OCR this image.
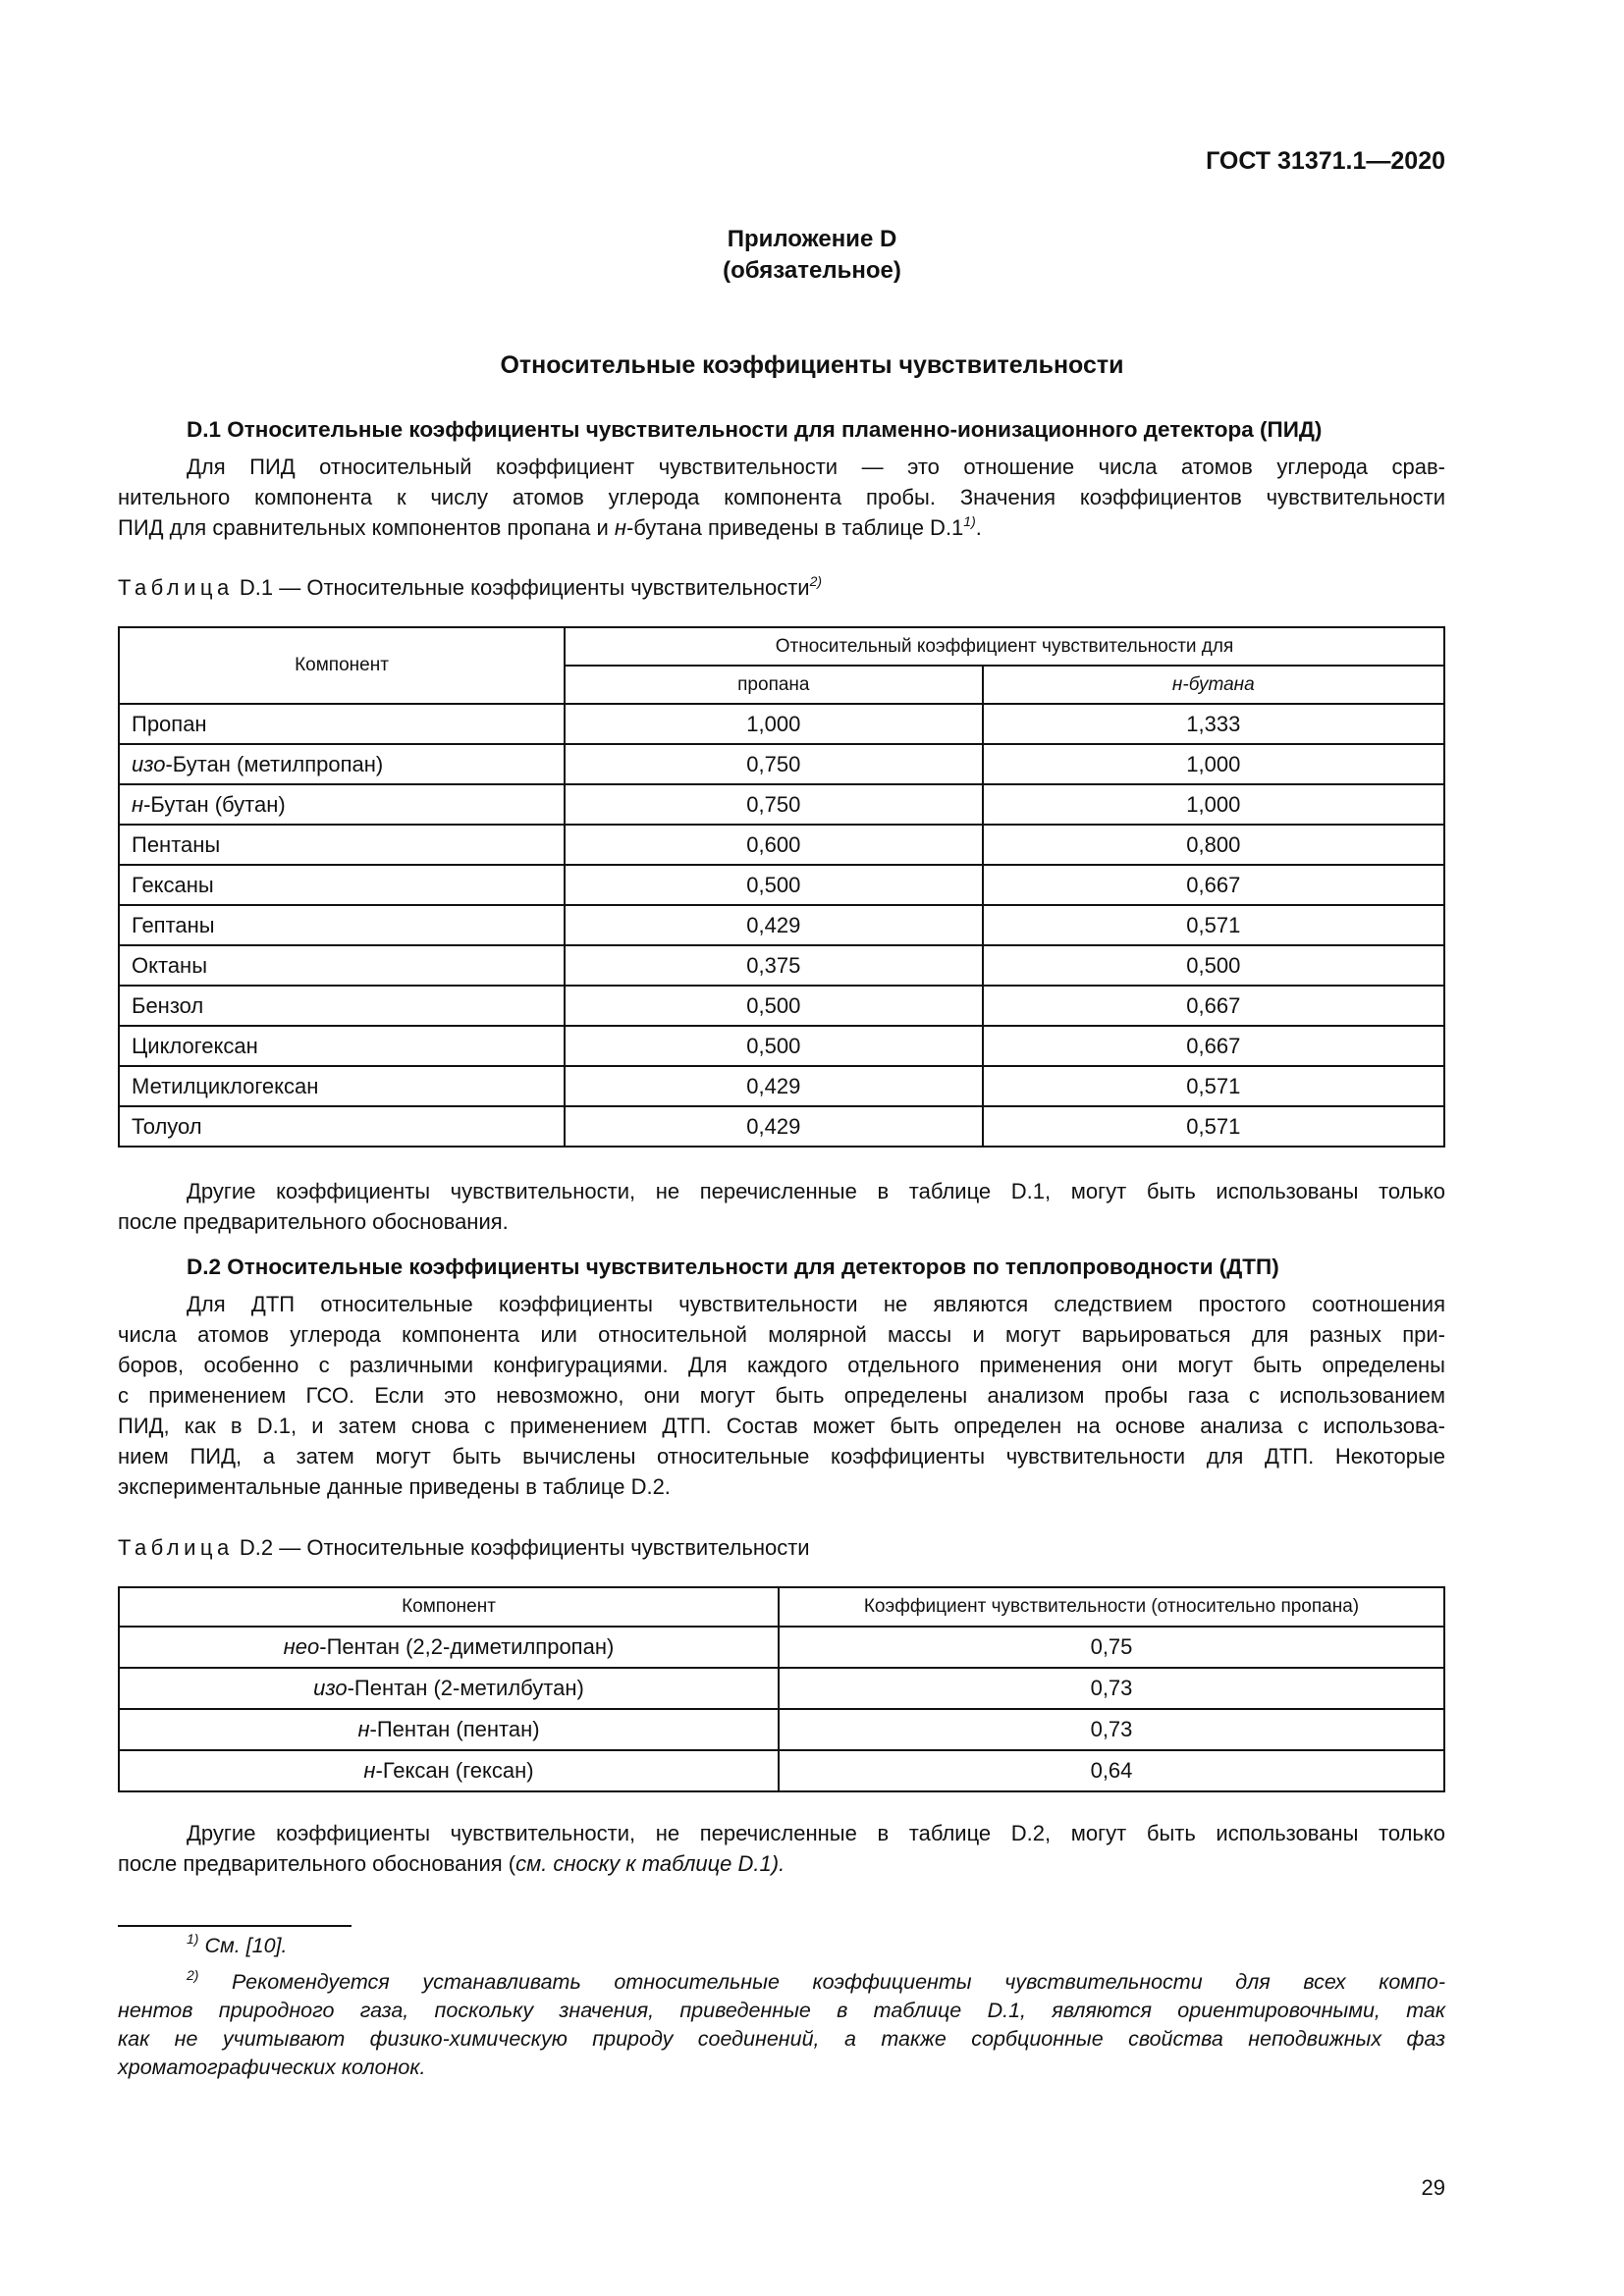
ГОСТ 31371.1—2020
Приложение D
(обязательное)
Относительные коэффициенты чувствительности
D.1 Относительные коэффициенты чувствительности для пламенно-ионизационного детектора (ПИД)
Для ПИД относительный коэффициент чувствительности — это отношение числа атомов углерода срав-
нительного компонента к числу атомов углерода компонента пробы. Значения коэффициентов чувствительности
ПИД для сравнительных компонентов пропана и н-бутана приведены в таблице D.1$^{1)}$.
Таблица D.1 — Относительные коэффициенты чувствительности$^{2)}$
Компонент	Относительный коэффициент чувствительности для	
	пропана	н-бутана
Пропан	1,000	1,333
изо-Бутан (метилпропан)	0,750	1,000
н-Бутан (бутан)	0,750	1,000
Пентаны	0,600	0,800
Гексаны	0,500	0,667
Гептаны	0,429	0,571
Октаны	0,375	0,500
Бензол	0,500	0,667
Циклогексан	0,500	0,667
Метилциклогексан	0,429	0,571
Толуол	0,429	0,571
Другие коэффициенты чувствительности, не перечисленные в таблице D.1, могут быть использованы только
после предварительного обоснования.
D.2 Относительные коэффициенты чувствительности для детекторов по теплопроводности (ДТП)
Для ДТП относительные коэффициенты чувствительности не являются следствием простого соотношения
числа атомов углерода компонента или относительной молярной массы и могут варьироваться для разных при-
боров, особенно с различными конфигурациями. Для каждого отдельного применения они могут быть определены
с применением ГСО. Если это невозможно, они могут быть определены анализом пробы газа с использованием
ПИД, как в D.1, и затем снова с применением ДТП. Состав может быть определен на основе анализа с использова-
нием ПИД, а затем могут быть вычислены относительные коэффициенты чувствительности для ДТП. Некоторые
экспериментальные данные приведены в таблице D.2.
Таблица D.2 — Относительные коэффициенты чувствительности
Компонент	Коэффициент чувствительности (относительно пропана)
нео-Пентан (2,2-диметилпропан)	0,75
изо-Пентан (2-метилбутан)	0,73
н-Пентан (пентан)	0,73
н-Гексан (гексан)	0,64
Другие коэффициенты чувствительности, не перечисленные в таблице D.2, могут быть использованы только
после предварительного обоснования (см. сноску к таблице D.1).
$^{1)}$ См. [10].
$^{2)}$ Рекомендуется устанавливать относительные коэффициенты чувствительности для всех компо-
нентов природного газа, поскольку значения, приведенные в таблице D.1, являются ориентировочными, так
как не учитывают физико-химическую природу соединений, а также сорбционные свойства неподвижных фаз
хроматографических колонок.
29
